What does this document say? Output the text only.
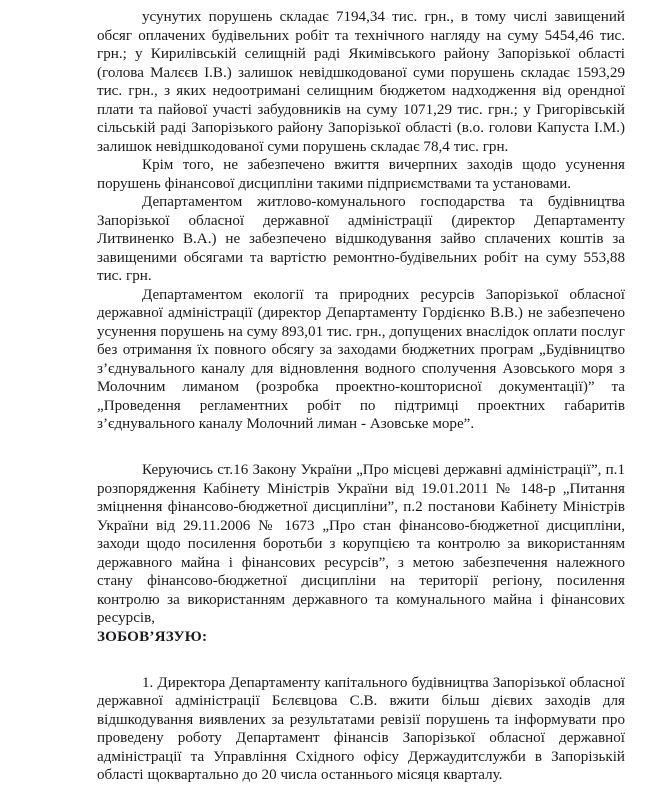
усунутих порушень складає 7194,34 тис. грн., в тому числі завищений обсяг оплачених будівельних робіт та технічного нагляду на суму 5454,46 тис. грн.; у Кирилівській селищній раді Якимівського району Запорізької області (голова Малєєв І.В.) залишок невідшкодованої суми порушень складає 1593,29 тис. грн., з яких недоотримані селищним бюджетом надходження від орендної плати та пайової участі забудовників на суму 1071,29 тис. грн.; у Григорівській сільській раді Запорізького району Запорізької області (в.о. голови Капуста І.М.) залишок невідшкодованої суми порушень складає 78,4 тис. грн.

Крім того, не забезпечено вжиття вичерпних заходів щодо усунення порушень фінансової дисципліни такими підприємствами та установами.

Департаментом житлово-комунального господарства та будівництва Запорізької обласної державної адміністрації (директор Департаменту Литвиненко В.А.) не забезпечено відшкодування зайво сплачених коштів за завищеними обсягами та вартістю ремонтно-будівельних робіт на суму 553,88 тис. грн.

Департаментом екології та природних ресурсів Запорізької обласної державної адміністрації (директор Департаменту Гордієнко В.В.) не забезпечено усунення порушень на суму 893,01 тис. грн., допущених внаслідок оплати послуг без отримання їх повного обсягу за заходами бюджетних програм „Будівництво з’єднувального каналу для відновлення водного сполучення Азовського моря з Молочним лиманом (розробка проектно-кошторисної документації)” та „Проведення регламентних робіт по підтримці проектних габаритів з’єднувального каналу Молочний лиман - Азовське море”.

Керуючись ст.16 Закону України „Про місцеві державні адміністрації”, п.1 розпорядження Кабінету Міністрів України від 19.01.2011 № 148-р „Питання зміцнення фінансово-бюджетної дисципліни”, п.2 постанови Кабінету Міністрів України від 29.11.2006 № 1673 „Про стан фінансово-бюджетної дисципліни, заходи щодо посилення боротьби з корупцією та контролю за використанням державного майна і фінансових ресурсів”, з метою забезпечення належного стану фінансово-бюджетної дисципліни на території регіону, посилення контролю за використанням державного та комунального майна і фінансових ресурсів,

ЗОБОВ’ЯЗУЮ:

1. Директора Департаменту капітального будівництва Запорізької обласної державної адміністрації Бєлєвцова С.В. вжити більш дієвих заходів для відшкодування виявлених за результатами ревізії порушень та інформувати про проведену роботу Департамент фінансів Запорізької обласної державної адміністрації та Управління Східного офісу Держаудитслужби в Запорізькій області щоквартально до 20 числа останнього місяця кварталу.
